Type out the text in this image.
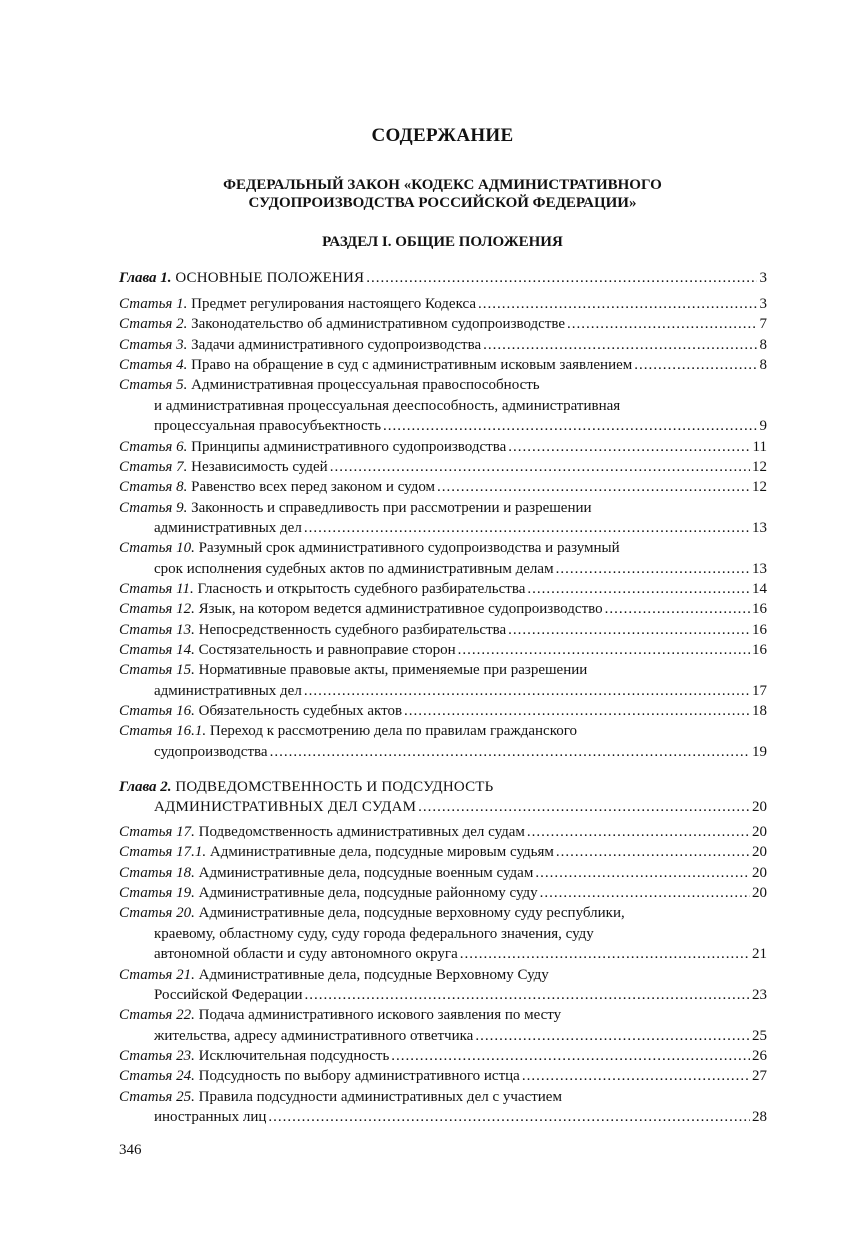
СОДЕРЖАНИЕ
ФЕДЕРАЛЬНЫЙ ЗАКОН «КОДЕКС АДМИНИСТРАТИВНОГО
СУДОПРОИЗВОДСТВА РОССИЙСКОЙ ФЕДЕРАЦИИ»
РАЗДЕЛ I. ОБЩИЕ ПОЛОЖЕНИЯ
Глава 1. ОСНОВНЫЕ ПОЛОЖЕНИЯ .....	3
Статья 1. Предмет регулирования настоящего Кодекса .....	3
Статья 2. Законодательство об административном судопроизводстве .....	7
Статья 3. Задачи административного судопроизводства .....	8
Статья 4. Право на обращение в суд с административным исковым заявлением .....	8
Статья 5. Административная процессуальная правоспособность
и административная процессуальная дееспособность, административная
процессуальная правосубъектность .....	9
Статья 6. Принципы административного судопроизводства .....	11
Статья 7. Независимость судей .....	12
Статья 8. Равенство всех перед законом и судом .....	12
Статья 9. Законность и справедливость при рассмотрении и разрешении
административных дел .....	13
Статья 10. Разумный срок административного судопроизводства и разумный
срок исполнения судебных актов по административным делам .....	13
Статья 11. Гласность и открытость судебного разбирательства .....	14
Статья 12. Язык, на котором ведется административное судопроизводство .....	16
Статья 13. Непосредственность судебного разбирательства .....	16
Статья 14. Состязательность и равноправие сторон .....	16
Статья 15. Нормативные правовые акты, применяемые при разрешении
административных дел .....	17
Статья 16. Обязательность судебных актов .....	18
Статья 16.1. Переход к рассмотрению дела по правилам гражданского
судопроизводства .....	19
Глава 2. ПОДВЕДОМСТВЕННОСТЬ И ПОДСУДНОСТЬ
АДМИНИСТРАТИВНЫХ ДЕЛ СУДАМ .....	20
Статья 17. Подведомственность административных дел судам .....	20
Статья 17.1. Административные дела, подсудные мировым судьям .....	20
Статья 18. Административные дела, подсудные военным судам .....	20
Статья 19. Административные дела, подсудные районному суду .....	20
Статья 20. Административные дела, подсудные верховному суду республики,
краевому, областному суду, суду города федерального значения, суду
автономной области и суду автономного округа .....	21
Статья 21. Административные дела, подсудные Верховному Суду
Российской Федерации .....	23
Статья 22. Подача административного искового заявления по месту
жительства, адресу административного ответчика .....	25
Статья 23. Исключительная подсудность .....	26
Статья 24. Подсудность по выбору административного истца .....	27
Статья 25. Правила подсудности административных дел с участием
иностранных лиц .....	28
346
